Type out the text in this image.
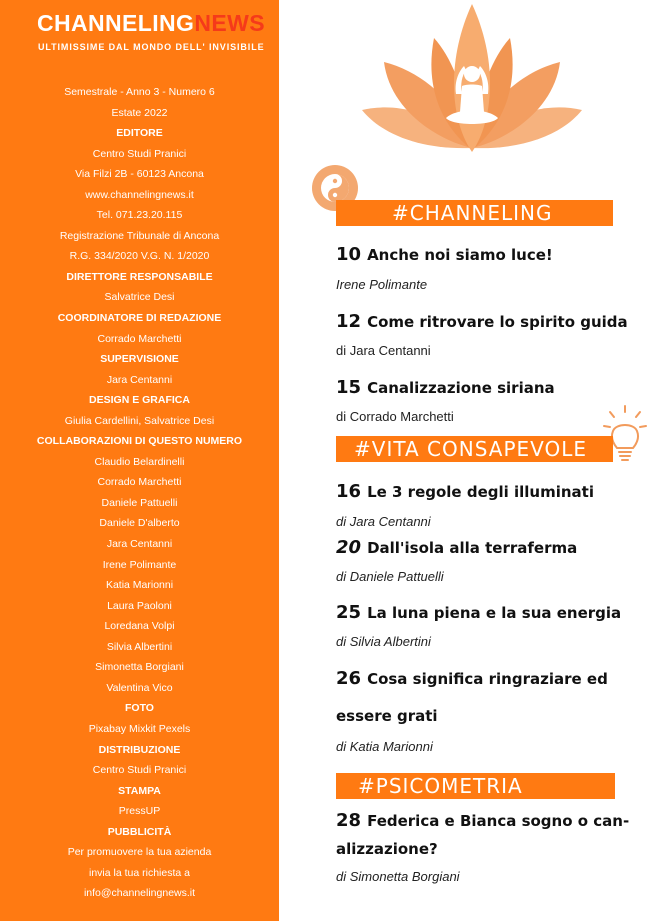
CHANNELINGNEWS
ULTIMISSIME DAL MONDO DELL' INVISIBILE
Semestrale - Anno 3 - Numero 6
Estate 2022
EDITORE
Centro Studi Pranici
Via Filzi 2B - 60123 Ancona
www.channelingnews.it
Tel. 071.23.20.115
Registrazione Tribunale di Ancona
R.G. 334/2020 V.G. N. 1/2020
DIRETTORE RESPONSABILE
Salvatrice Desi
COORDINATORE DI REDAZIONE
Corrado Marchetti
SUPERVISIONE
Jara Centanni
DESIGN E GRAFICA
Giulia Cardellini, Salvatrice Desi
COLLABORAZIONI DI QUESTO NUMERO
Claudio Belardinelli
Corrado Marchetti
Daniele Pattuelli
Daniele D'alberto
Jara Centanni
Irene Polimante
Katia Marionni
Laura Paoloni
Loredana Volpi
Silvia Albertini
Simonetta Borgiani
Valentina Vico
FOTO
Pixabay Mixkit Pexels
DISTRIBUZIONE
Centro Studi Pranici
STAMPA
PressUP
PUBBLICITÀ
Per promuovere la tua azienda
invia la tua richiesta a
info@channelingnews.it
#CHANNELING
#VITA CONSAPEVOLE
#PSICOMETRIA
10 Anche noi siamo luce!
Irene Polimante
12 Come ritrovare lo spirito guida
di Jara Centanni
15 Canalizzazione siriana
di Corrado Marchetti
16 Le 3 regole degli illuminati
di Jara Centanni
20 Dall'isola alla terraferma
di Daniele Pattuelli
25 La luna piena e la sua energia
di Silvia Albertini
26 Cosa significa ringraziare ed
essere grati
di Katia Marionni
28 Federica e Bianca sogno o can-
alizzazione?
di Simonetta Borgiani
